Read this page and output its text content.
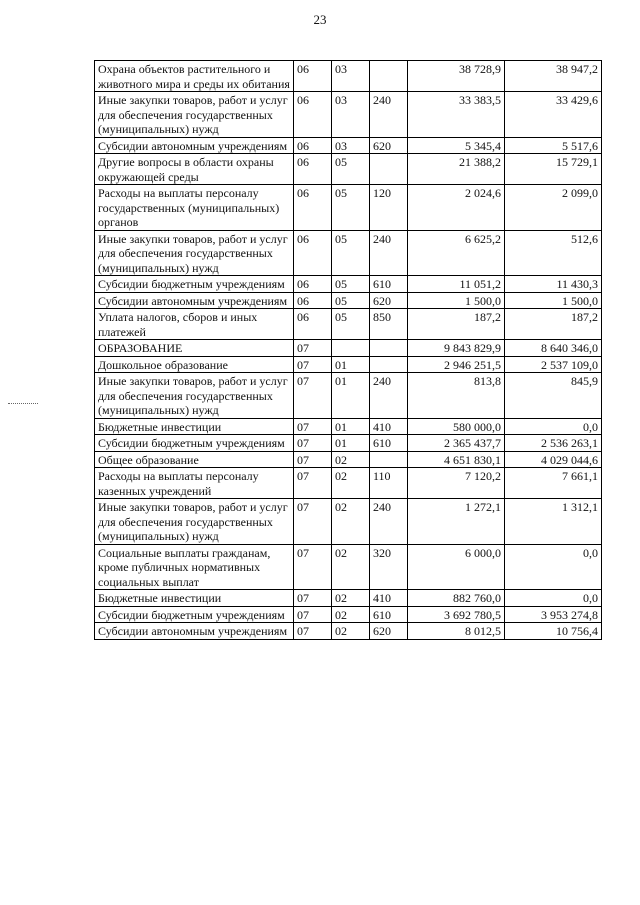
23
Охрана объектов растительного и животного мира и среды их обитания	06	03		38 728,9	38 947,2
Иные закупки товаров, работ и услуг для обеспечения государственных (муниципальных) нужд	06	03	240	33 383,5	33 429,6
Субсидии автономным учреждениям	06	03	620	5 345,4	5 517,6
Другие вопросы в области охраны окружающей среды	06	05		21 388,2	15 729,1
Расходы на выплаты персоналу государственных (муниципальных) органов	06	05	120	2 024,6	2 099,0
Иные закупки товаров, работ и услуг для обеспечения государственных (муниципальных) нужд	06	05	240	6 625,2	512,6
Субсидии бюджетным учреждениям	06	05	610	11 051,2	11 430,3
Субсидии автономным учреждениям	06	05	620	1 500,0	1 500,0
Уплата налогов, сборов и иных платежей	06	05	850	187,2	187,2
ОБРАЗОВАНИЕ	07			9 843 829,9	8 640 346,0
Дошкольное образование	07	01		2 946 251,5	2 537 109,0
Иные закупки товаров, работ и услуг для обеспечения государственных (муниципальных) нужд	07	01	240	813,8	845,9
Бюджетные инвестиции	07	01	410	580 000,0	0,0
Субсидии бюджетным учреждениям	07	01	610	2 365 437,7	2 536 263,1
Общее образование	07	02		4 651 830,1	4 029 044,6
Расходы на выплаты персоналу казенных учреждений	07	02	110	7 120,2	7 661,1
Иные закупки товаров, работ и услуг для обеспечения государственных (муниципальных) нужд	07	02	240	1 272,1	1 312,1
Социальные выплаты гражданам, кроме публичных нормативных социальных выплат	07	02	320	6 000,0	0,0
Бюджетные инвестиции	07	02	410	882 760,0	0,0
Субсидии бюджетным учреждениям	07	02	610	3 692 780,5	3 953 274,8
Субсидии автономным учреждениям	07	02	620	8 012,5	10 756,4
